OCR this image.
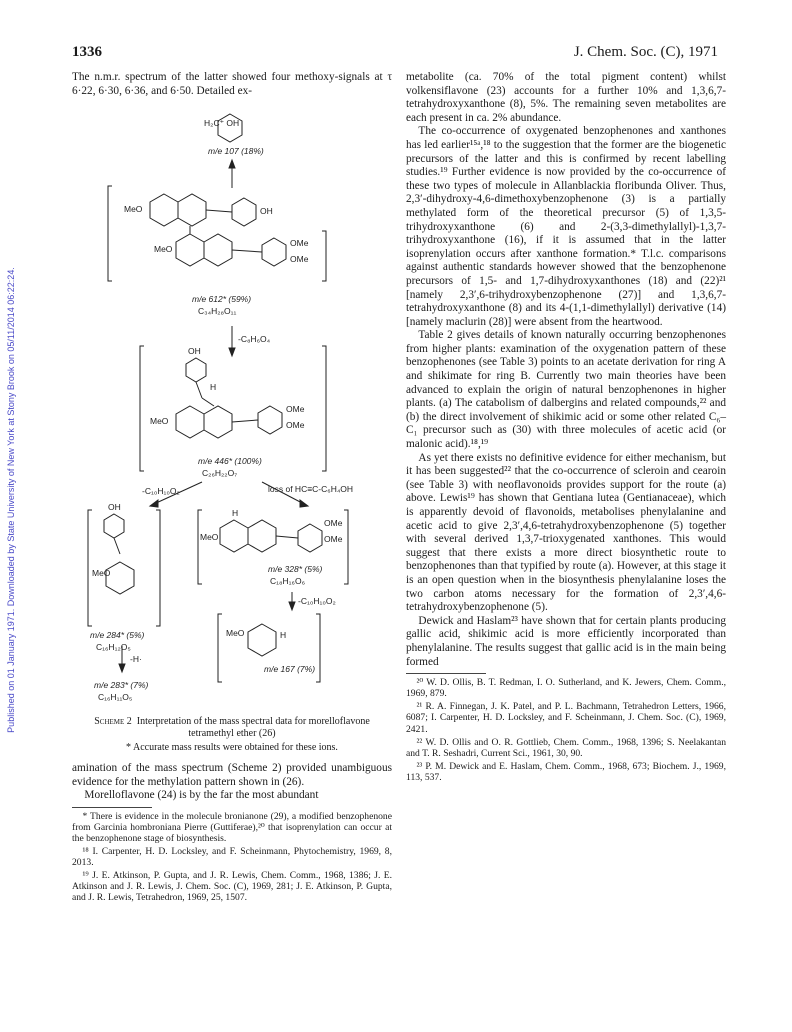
1336	J. Chem. Soc. (C), 1971
Published on 01 January 1971. Downloaded by State University of New York at Stony Brook on 05/11/2014 06:22:24.

The n.m.r. spectrum of the latter showed four methoxy-signals at τ 6·22, 6·30, 6·36, and 6·50. Detailed ex-

H₂C⁺ OH
m/e 107 (18%)
MeO	OH
MeO
OMe
OMe
m/e 612* (59%)
C₃₄H₂₈O₁₁
-C₈H₆O₄
OH
H
MeO
OMe
OMe
m/e 446* (100%)
C₂₆H₂₂O₇
-C₁₀H₁₀O₂	loss of HC≡C-C₆H₄OH
OH
MeO
H
MeO
OMe
OMe
m/e 328* (5%)
C₁₈H₁₆O₆
-C₁₀H₁₀O₂
MeO	H
m/e 167 (7%)
m/e 284* (5%)
C₁₆H₁₂O₅
-H·
m/e 283* (7%)
C₁₆H₁₁O₅
Scheme 2 Interpretation of the mass spectral data for morelloflavone tetramethyl ether (26)
* Accurate mass results were obtained for these ions.

amination of the mass spectrum (Scheme 2) provided unambiguous evidence for the methylation pattern shown in (26).

Morelloflavone (24) is by the far the most abundant

* There is evidence in the molecule bronianone (29), a modified benzophenone from Garcinia hombroniana Pierre (Guttiferae),²⁰ that isoprenylation can occur at the benzophenone stage of biosynthesis.

¹⁸ I. Carpenter, H. D. Locksley, and F. Scheinmann, Phytochemistry, 1969, 8, 2013.

¹⁹ J. E. Atkinson, P. Gupta, and J. R. Lewis, Chem. Comm., 1968, 1386; J. E. Atkinson and J. R. Lewis, J. Chem. Soc. (C), 1969, 281; J. E. Atkinson, P. Gupta, and J. R. Lewis, Tetrahedron, 1969, 25, 1507.

metabolite (ca. 70% of the total pigment content) whilst volkensiflavone (23) accounts for a further 10% and 1,3,6,7-tetrahydroxyxanthone (8), 5%. The remaining seven metabolites are each present in ca. 2% abundance.

The co-occurrence of oxygenated benzophenones and xanthones has led earlier¹⁵ᵃ,¹⁸ to the suggestion that the former are the biogenetic precursors of the latter and this is confirmed by recent labelling studies.¹⁹ Further evidence is now provided by the co-occurrence of these two types of molecule in Allanblackia floribunda Oliver. Thus, 2,3′-dihydroxy-4,6-dimethoxybenzophenone (3) is a partially methylated form of the theoretical precursor (5) of 1,3,5-trihydroxyxanthone (6) and 2-(3,3-dimethylallyl)-1,3,7-trihydroxyxanthone (16), if it is assumed that in the latter isoprenylation occurs after xanthone formation.* T.l.c. comparisons against authentic standards however showed that the benzophenone precursors of 1,5- and 1,7-dihydroxyxanthones (18) and (22)²¹ [namely 2,3′,6-trihydroxybenzophenone (27)] and 1,3,6,7-tetrahydroxyxanthone (8) and its 4-(1,1-dimethylallyl) derivative (14) [namely maclurin (28)] were absent from the heartwood.

Table 2 gives details of known naturally occurring benzophenones from higher plants: examination of the oxygenation pattern of these benzophenones (see Table 3) points to an acetate derivation for ring A and shikimate for ring B. Currently two main theories have been advanced to explain the origin of natural benzophenones in higher plants. (a) The catabolism of dalbergins and related compounds,²² and (b) the direct involvement of shikimic acid or some other related C₆–C₁ precursor such as (30) with three molecules of acetic acid (or malonic acid).¹⁸,¹⁹

As yet there exists no definitive evidence for either mechanism, but it has been suggested²² that the co-occurrence of scleroin and cearoin (see Table 3) with neoflavonoids provides support for the route (a) above. Lewis¹⁹ has shown that Gentiana lutea (Gentianaceae), which is apparently devoid of flavonoids, metabolises phenylalanine and acetic acid to give 2,3′,4,6-tetrahydroxybenzophenone (5) together with several derived 1,3,7-trioxygenated xanthones. This would suggest that there exists a more direct biosynthetic route to benzophenones than that typified by route (a). However, at this stage it is an open question when in the biosynthesis phenylalanine loses the two carbon atoms necessary for the formation of 2,3′,4,6-tetrahydroxybenzophenone (5).

Dewick and Haslam²³ have shown that for certain plants producing gallic acid, shikimic acid is more efficiently incorporated than phenylalanine. The results suggest that gallic acid is in the main being formed

²⁰ W. D. Ollis, B. T. Redman, I. O. Sutherland, and K. Jewers, Chem. Comm., 1969, 879.

²¹ R. A. Finnegan, J. K. Patel, and P. L. Bachmann, Tetrahedron Letters, 1966, 6087; I. Carpenter, H. D. Locksley, and F. Scheinmann, J. Chem. Soc. (C), 1969, 2421.

²² W. D. Ollis and O. R. Gottlieb, Chem. Comm., 1968, 1396; S. Neelakantan and T. R. Seshadri, Current Sci., 1961, 30, 90.

²³ P. M. Dewick and E. Haslam, Chem. Comm., 1968, 673; Biochem. J., 1969, 113, 537.
